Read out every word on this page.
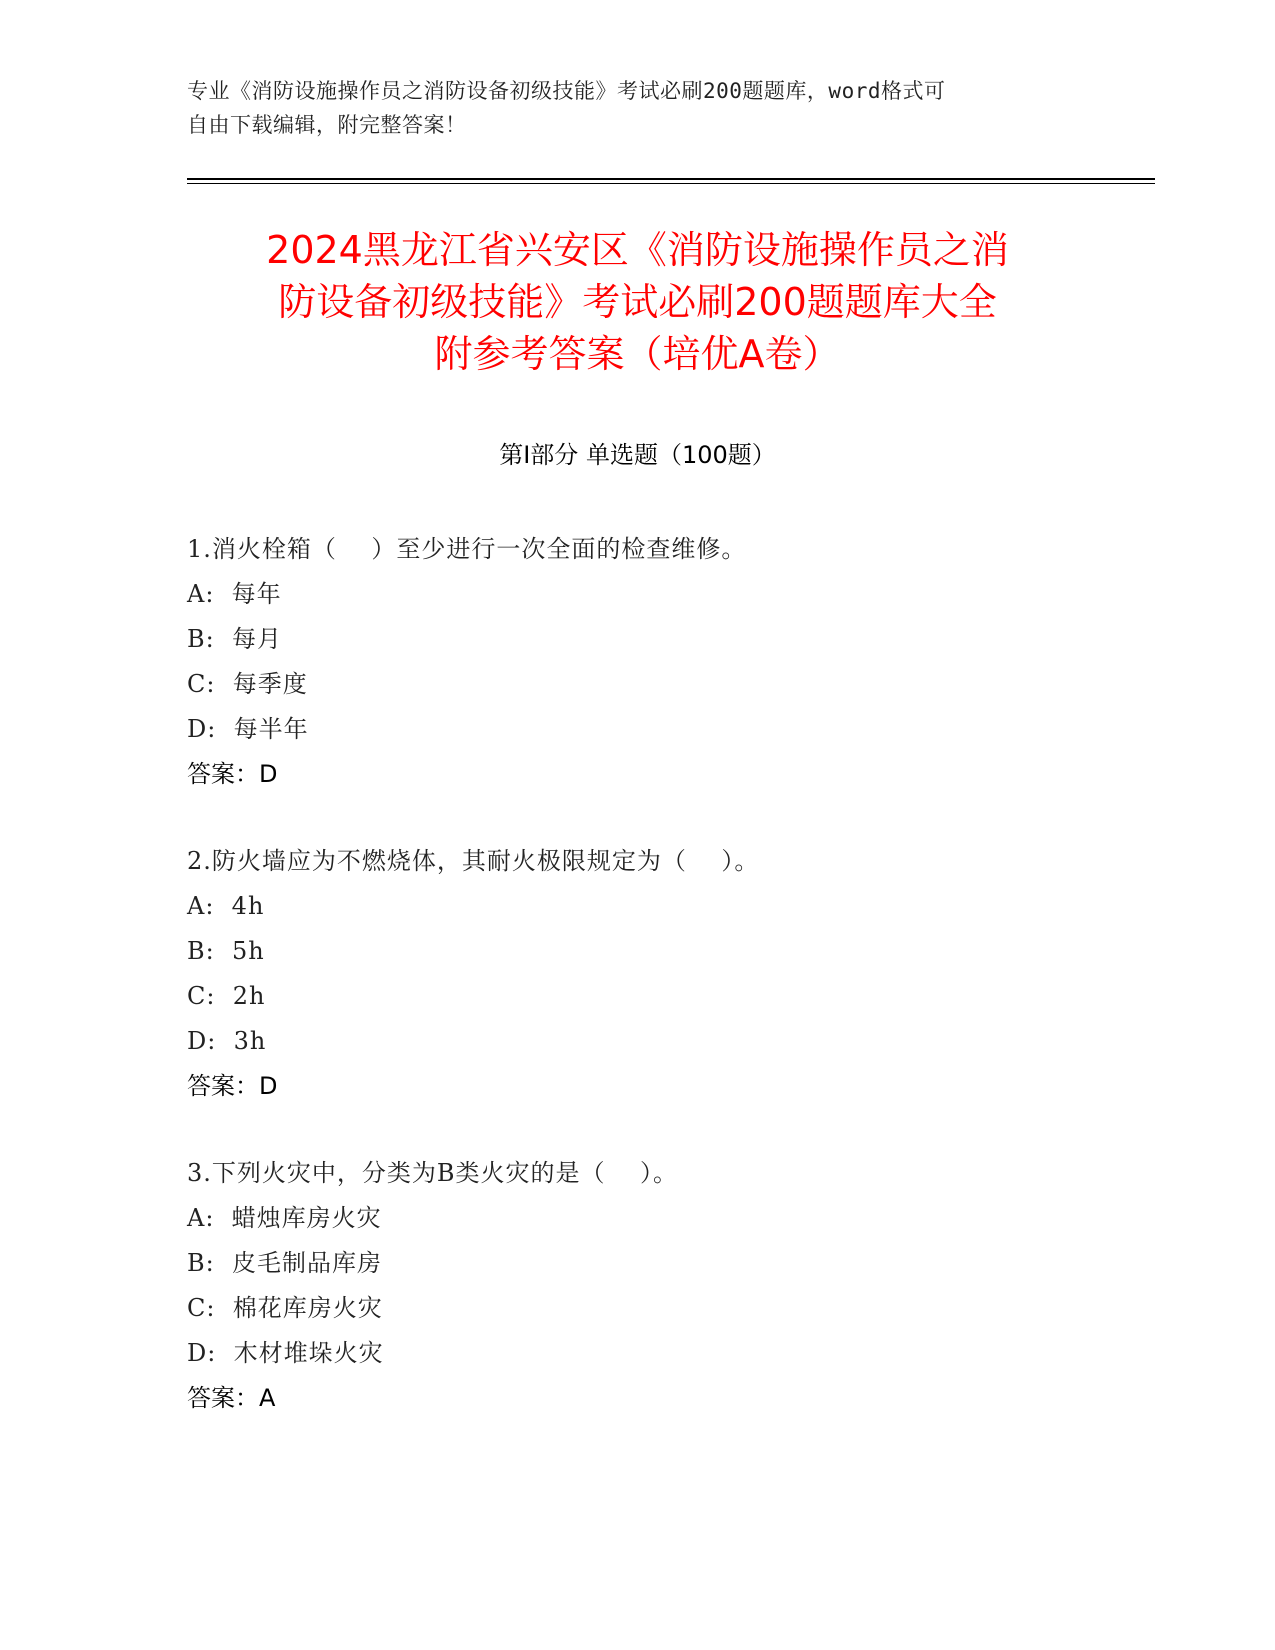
专业《消防设施操作员之消防设备初级技能》考试必刷200题题库，word格式可
自由下载编辑，附完整答案！
2024黑龙江省兴安区《消防设施操作员之消
防设备初级技能》考试必刷200题题库大全
附参考答案（培优A卷）
第Ⅰ部分 单选题（100题）
1.消火栓箱（    ）至少进行一次全面的检查维修。
A:  每年
B:  每月
C:  每季度
D:  每半年
答案：D
2.防火墙应为不燃烧体，其耐火极限规定为（    ）。
A:  4h
B:  5h
C:  2h
D:  3h
答案：D
3.下列火灾中，分类为B类火灾的是（    ）。
A:  蜡烛库房火灾
B:  皮毛制品库房
C:  棉花库房火灾
D:  木材堆垛火灾
答案：A
